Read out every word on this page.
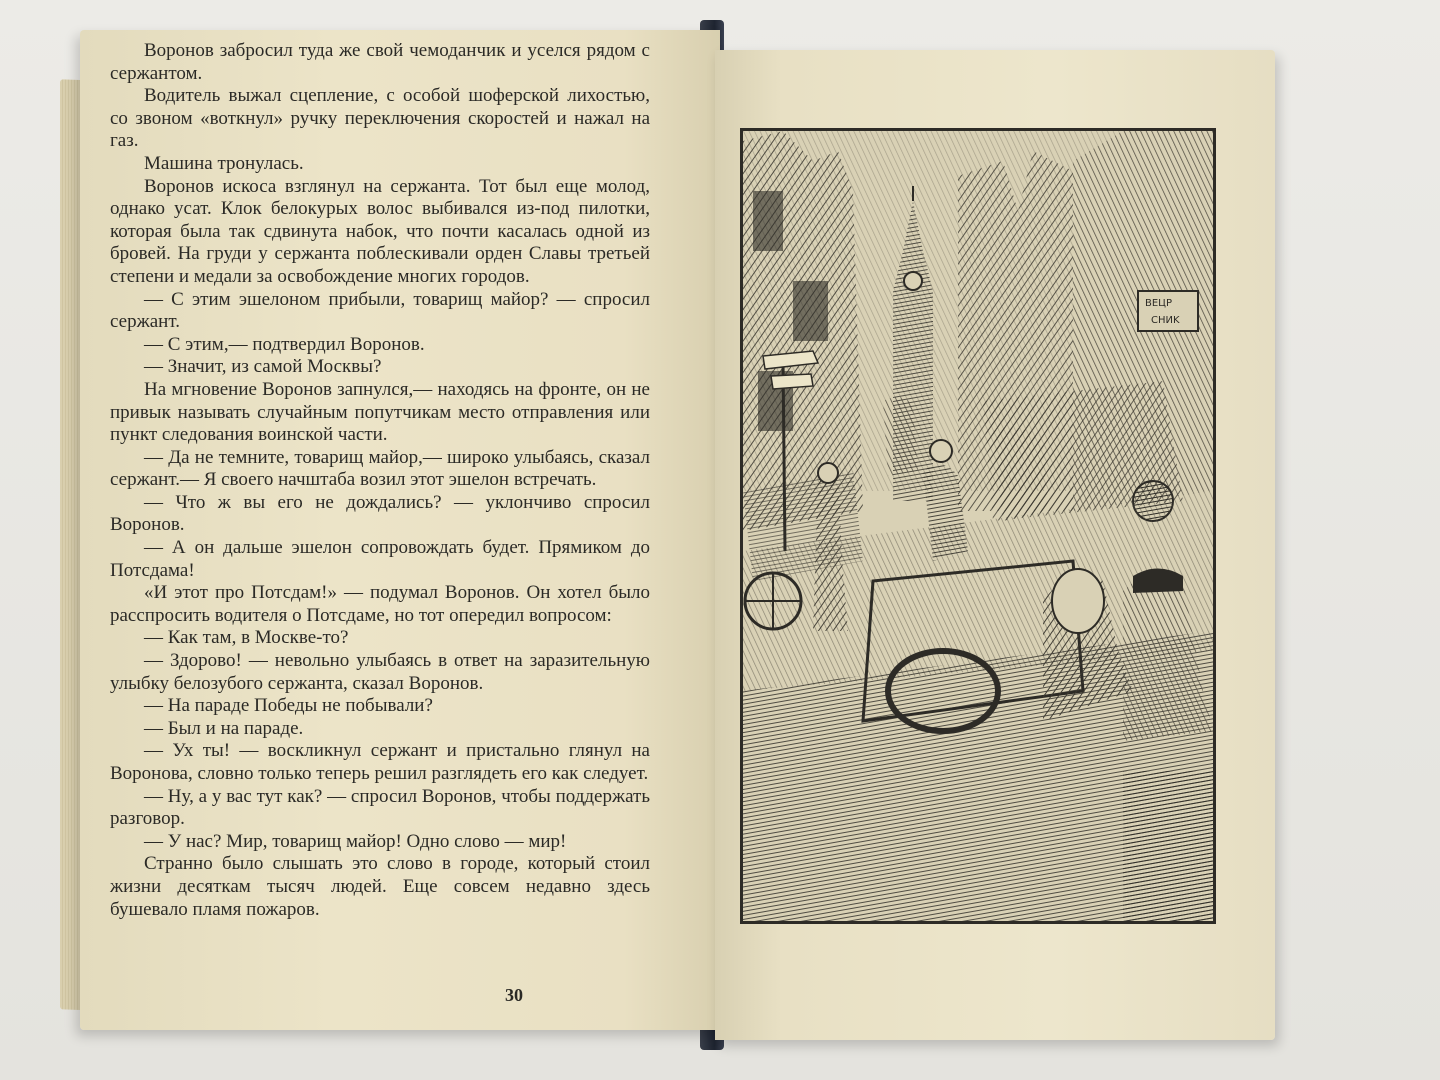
Воронов забросил туда же свой чемоданчик и уселся рядом с сержантом.

Водитель выжал сцепление, с особой шоферской лихостью, со звоном «воткнул» ручку переключения скоростей и нажал на газ.

Машина тронулась.

Воронов искоса взглянул на сержанта. Тот был еще молод, однако усат. Клок белокурых волос выбивался из-под пилотки, которая была так сдвинута набок, что почти касалась одной из бровей. На груди у сержанта поблескивали орден Славы третьей степени и медали за освобождение многих городов.

— С этим эшелоном прибыли, товарищ майор? — спросил сержант.

— С этим,— подтвердил Воронов.

— Значит, из самой Москвы?

На мгновение Воронов запнулся,— находясь на фронте, он не привык называть случайным попутчикам место отправления или пункт следования воинской части.

— Да не темните, товарищ майор,— широко улыбаясь, сказал сержант.— Я своего начштаба возил этот эшелон встречать.

— Что ж вы его не дождались? — уклончиво спросил Воронов.

— А он дальше эшелон сопровождать будет. Прямиком до Потсдама!

«И этот про Потсдам!» — подумал Воронов. Он хотел было расспросить водителя о Потсдаме, но тот опередил вопросом:

— Как там, в Москве-то?

— Здорово! — невольно улыбаясь в ответ на заразительную улыбку белозубого сержанта, сказал Воронов.

— На параде Победы не побывали?

— Был и на параде.

— Ух ты! — воскликнул сержант и пристально глянул на Воронова, словно только теперь решил разглядеть его как следует.

— Ну, а у вас тут как? — спросил Воронов, чтобы поддержать разговор.

— У нас? Мир, товарищ майор! Одно слово — мир!

Странно было слышать это слово в городе, который стоил жизни десяткам тысяч людей. Еще совсем недавно здесь бушевало пламя пожаров.

30
BEЦP
CHИK
